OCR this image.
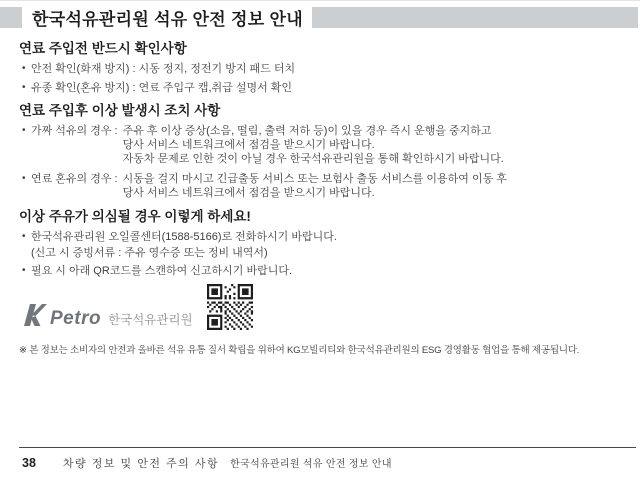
한국석유관리원 석유 안전 정보 안내
연료 주입전 반드시 확인사항
• 안전 확인(화재 방지) : 시동 정지, 정전기 방지 패드 터치
• 유종 확인(혼유 방지) : 연료 주입구 캡,취급 설명서 확인
연료 주입후 이상 발생시 조치 사항
• 가짜 석유의 경우 : 주유 후 이상 증상(소음, 떨림, 출력 저하 등)이 있을 경우 즉시 운행을 중지하고
당사 서비스 네트워크에서 점검을 받으시기 바랍니다.
자동차 문제로 인한 것이 아닐 경우 한국석유관리원을 통해 확인하시기 바랍니다.
• 연료 혼유의 경우 : 시동을 걸지 마시고 긴급출동 서비스 또는 보험사 출동 서비스를 이용하여 이동 후
당사 서비스 네트워크에서 점검을 받으시기 바랍니다.
이상 주유가 의심될 경우 이렇게 하세요!
• 한국석유관리원 오일콜센터(1588-5166)로 전화하시기 바랍니다.
(신고 시 증빙서류 : 주유 영수증 또는 정비 내역서)
• 필요 시 아래 QR코드를 스캔하여 신고하시기 바랍니다.
Petro 한국석유관리원
※ 본 정보는 소비자의 안전과 올바른 석유 유통 질서 확립을 위하여 KG모빌리티와 한국석유관리원의 ESG 경영활동 협업을 통해 제공됩니다.
38 차량 정보 및 안전 주의 사항 한국석유관리원 석유 안전 정보 안내
